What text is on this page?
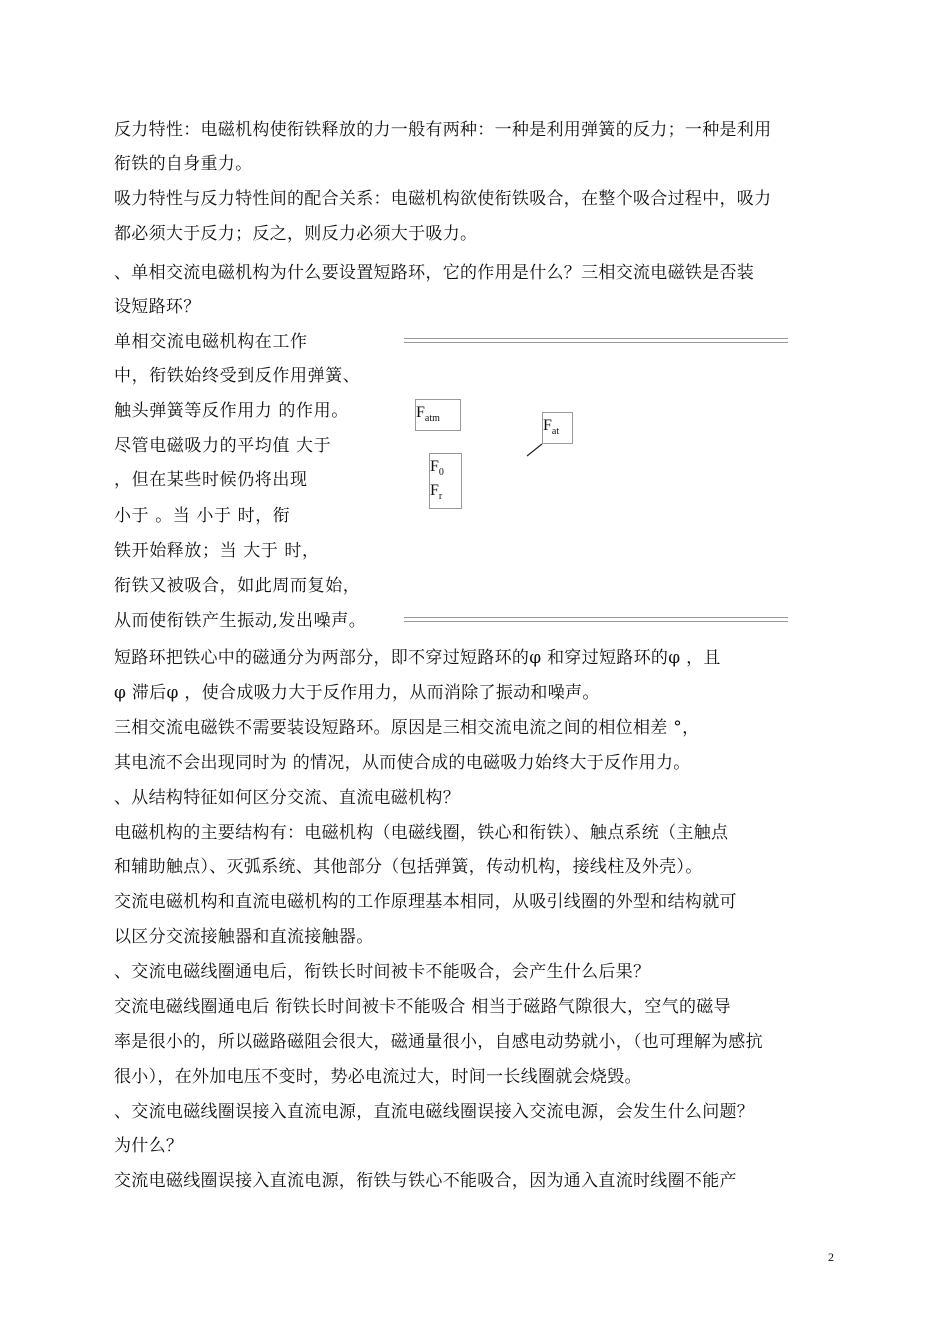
反力特性：电磁机构使衔铁释放的力一般有两种：一种是利用弹簧的反力；一种是利用
衔铁的自身重力。
吸力特性与反力特性间的配合关系：电磁机构欲使衔铁吸合，在整个吸合过程中，吸力
都必须大于反力；反之，则反力必须大于吸力。
、单相交流电磁机构为什么要设置短路环，它的作用是什么？三相交流电磁铁是否装
设短路环？
单相交流电磁机构在工作
中，衔铁始终受到反作用弹簧、
触头弹簧等反作用力 的作用。
尽管电磁吸力的平均值 大于
，但在某些时候仍将出现
小于 。当 小于 时，衔
铁开始释放；当 大于 时，
衔铁又被吸合，如此周而复始，
从而使衔铁产生振动,发出噪声。
$F_{atm}$	$F_{at}$
$F_0$
$F_r$
短路环把铁心中的磁通分为两部分，即不穿过短路环的φ 和穿过短路环的φ ，且
φ 滞后φ ，使合成吸力大于反作用力，从而消除了振动和噪声。
三相交流电磁铁不需要装设短路环。原因是三相交流电流之间的相位相差 °，
其电流不会出现同时为 的情况，从而使合成的电磁吸力始终大于反作用力。
、从结构特征如何区分交流、直流电磁机构？
电磁机构的主要结构有：电磁机构（电磁线圈，铁心和衔铁）、触点系统（主触点
和辅助触点）、灭弧系统、其他部分（包括弹簧，传动机构，接线柱及外壳）。
交流电磁机构和直流电磁机构的工作原理基本相同，从吸引线圈的外型和结构就可
以区分交流接触器和直流接触器。
、交流电磁线圈通电后，衔铁长时间被卡不能吸合，会产生什么后果？
交流电磁线圈通电后 衔铁长时间被卡不能吸合 相当于磁路气隙很大，空气的磁导
率是很小的，所以磁路磁阻会很大，磁通量很小，自感电动势就小，（也可理解为感抗
很小），在外加电压不变时，势必电流过大，时间一长线圈就会烧毁。
、交流电磁线圈误接入直流电源，直流电磁线圈误接入交流电源，会发生什么问题？
为什么？
交流电磁线圈误接入直流电源，衔铁与铁心不能吸合，因为通入直流时线圈不能产
2
